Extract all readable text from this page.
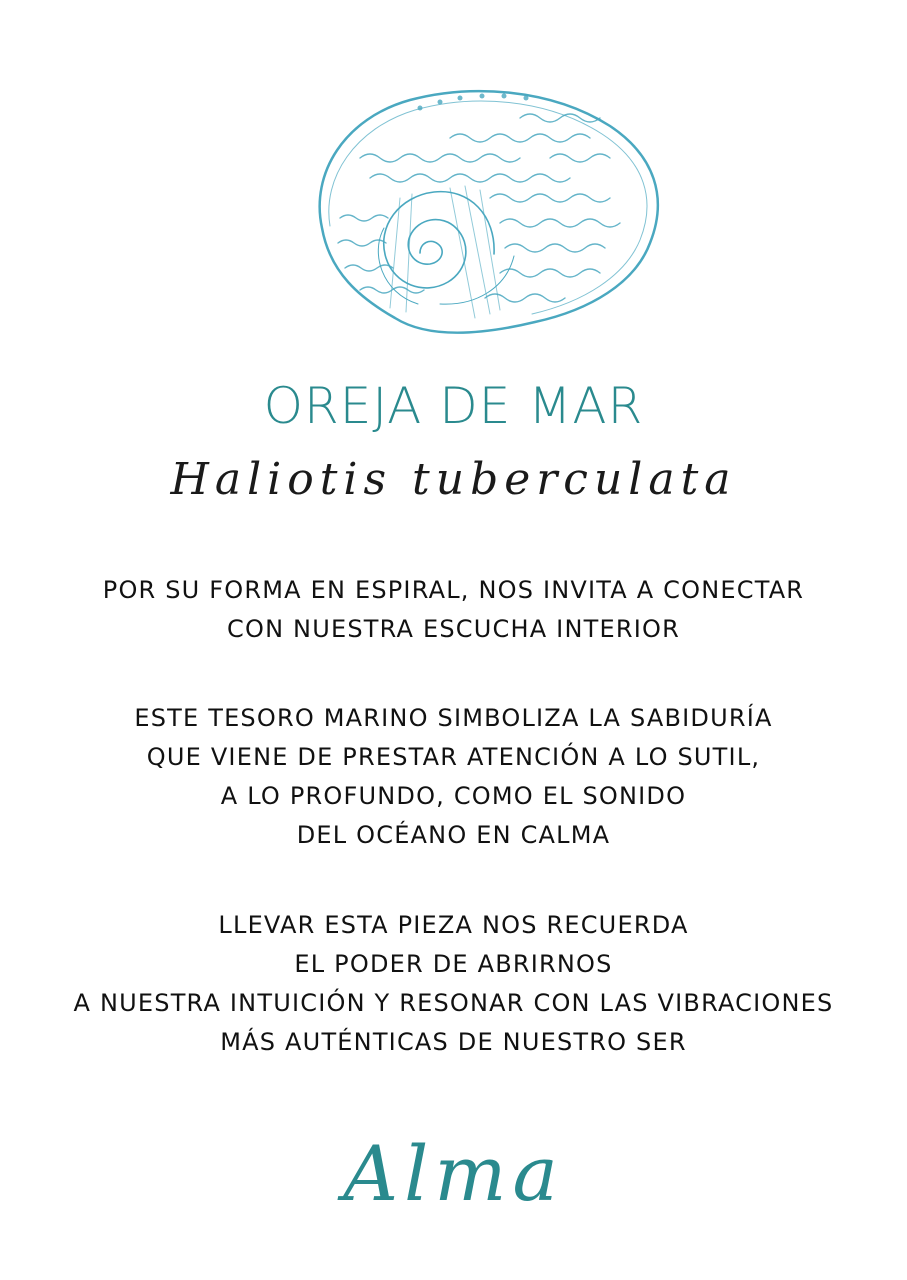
OREJA DE MAR
Haliotis tuberculata

POR SU FORMA EN ESPIRAL, NOS INVITA A CONECTAR
CON NUESTRA ESCUCHA INTERIOR

ESTE TESORO MARINO SIMBOLIZA LA SABIDURÍA
QUE VIENE DE PRESTAR ATENCIÓN A LO SUTIL,
A LO PROFUNDO, COMO EL SONIDO
DEL OCÉANO EN CALMA

LLEVAR ESTA PIEZA NOS RECUERDA
EL PODER DE ABRIRNOS
A NUESTRA INTUICIÓN Y RESONAR CON LAS VIBRACIONES
MÁS AUTÉNTICAS DE NUESTRO SER

Alma
